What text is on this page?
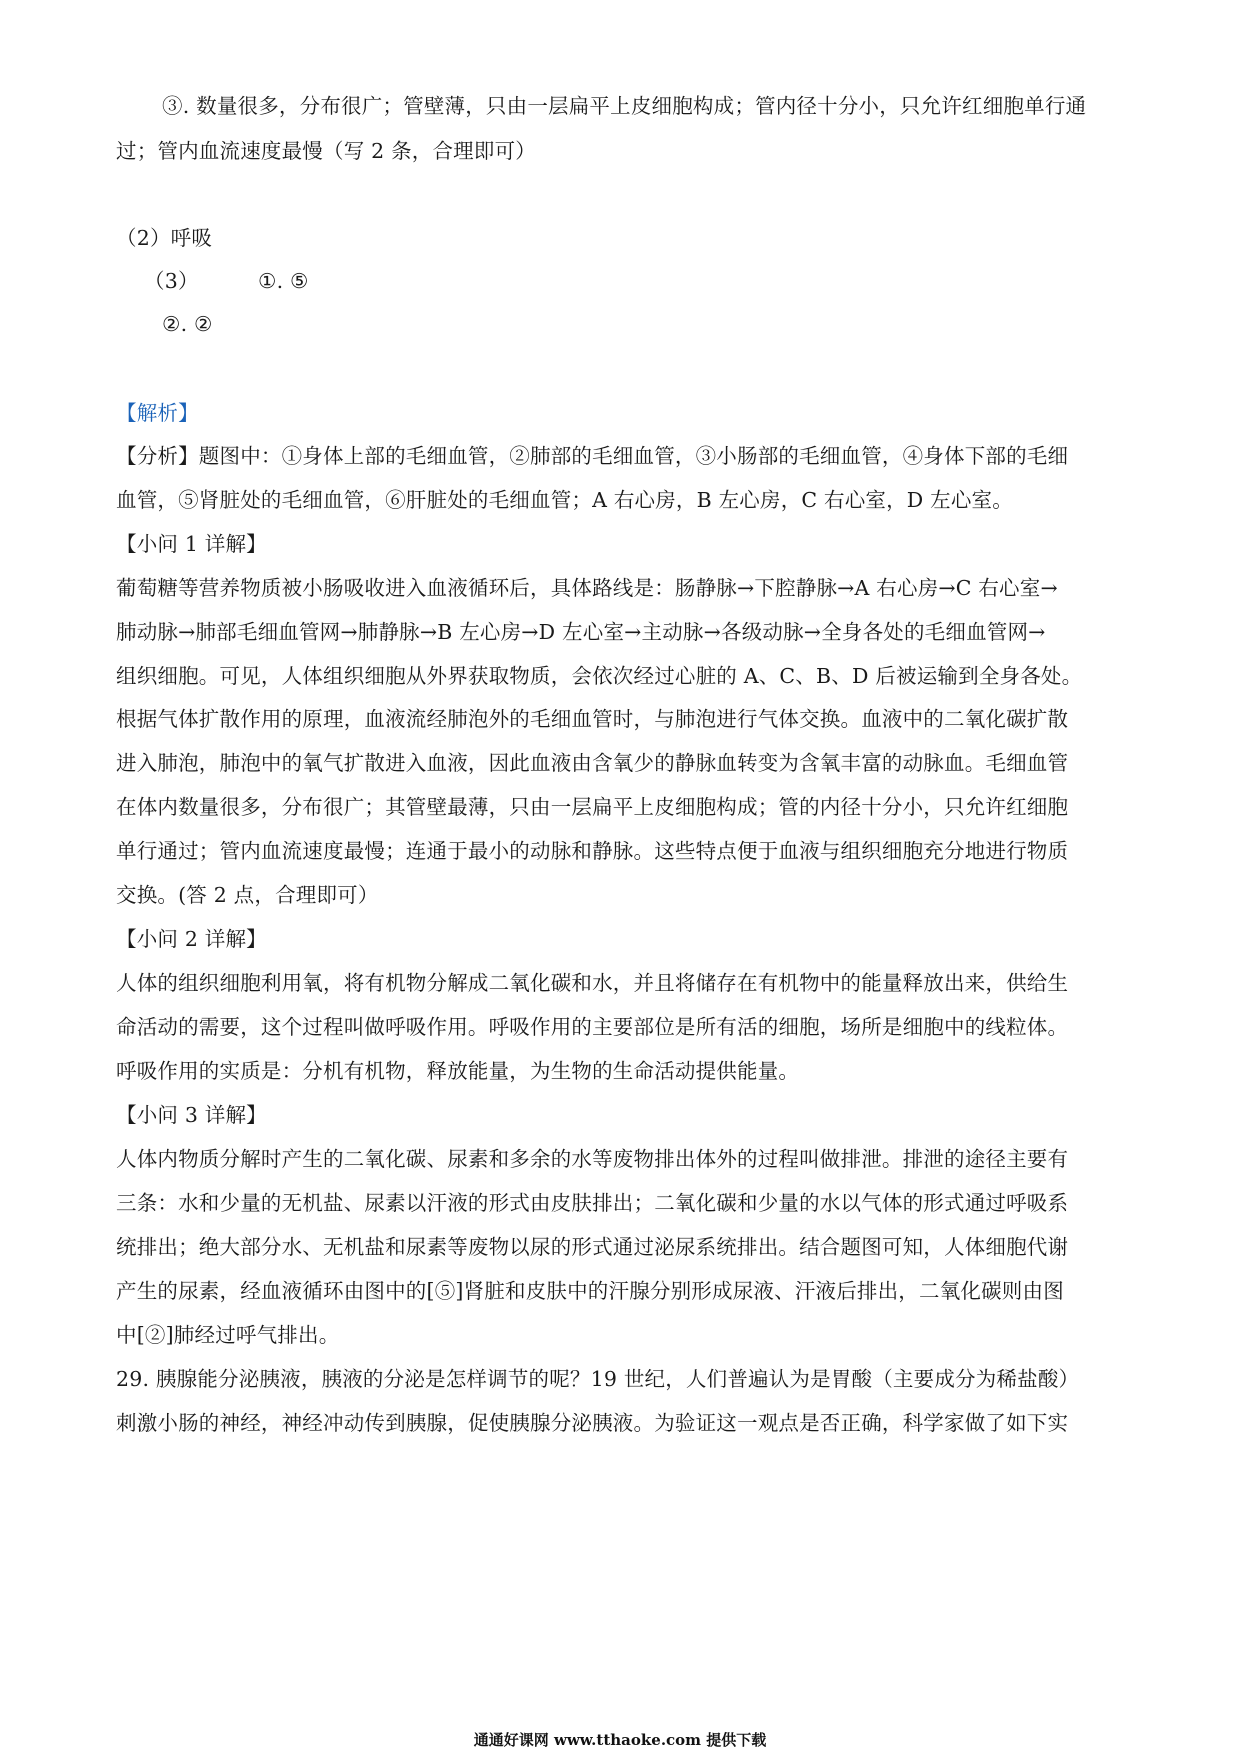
③. 数量很多，分布很广；管壁薄，只由一层扁平上皮细胞构成；管内径十分小，只允许红细胞单行通
过；管内血流速度最慢（写 2 条，合理即可）
（2）呼吸
（3）	①. ⑤
②. ②
【解析】
【分析】题图中：①身体上部的毛细血管，②肺部的毛细血管，③小肠部的毛细血管，④身体下部的毛细
血管，⑤肾脏处的毛细血管，⑥肝脏处的毛细血管；A 右心房，B 左心房，C 右心室，D 左心室。
【小问 1 详解】
葡萄糖等营养物质被小肠吸收进入血液循环后，具体路线是：肠静脉→下腔静脉→A 右心房→C 右心室→
肺动脉→肺部毛细血管网→肺静脉→B 左心房→D 左心室→主动脉→各级动脉→全身各处的毛细血管网→
组织细胞。可见，人体组织细胞从外界获取物质，会依次经过心脏的 A、C、B、D 后被运输到全身各处。
根据气体扩散作用的原理，血液流经肺泡外的毛细血管时，与肺泡进行气体交换。血液中的二氧化碳扩散
进入肺泡，肺泡中的氧气扩散进入血液，因此血液由含氧少的静脉血转变为含氧丰富的动脉血。毛细血管
在体内数量很多，分布很广；其管壁最薄，只由一层扁平上皮细胞构成；管的内径十分小，只允许红细胞
单行通过；管内血流速度最慢；连通于最小的动脉和静脉。这些特点便于血液与组织细胞充分地进行物质
交换。(答 2 点，合理即可）
【小问 2 详解】
人体的组织细胞利用氧，将有机物分解成二氧化碳和水，并且将储存在有机物中的能量释放出来，供给生
命活动的需要，这个过程叫做呼吸作用。呼吸作用的主要部位是所有活的细胞，场所是细胞中的线粒体。
呼吸作用的实质是：分机有机物，释放能量，为生物的生命活动提供能量。
【小问 3 详解】
人体内物质分解时产生的二氧化碳、尿素和多余的水等废物排出体外的过程叫做排泄。排泄的途径主要有
三条：水和少量的无机盐、尿素以汗液的形式由皮肤排出；二氧化碳和少量的水以气体的形式通过呼吸系
统排出；绝大部分水、无机盐和尿素等废物以尿的形式通过泌尿系统排出。结合题图可知，人体细胞代谢
产生的尿素，经血液循环由图中的[⑤]肾脏和皮肤中的汗腺分别形成尿液、汗液后排出，二氧化碳则由图
中[②]肺经过呼气排出。
29. 胰腺能分泌胰液，胰液的分泌是怎样调节的呢？19 世纪，人们普遍认为是胃酸（主要成分为稀盐酸）
刺激小肠的神经，神经冲动传到胰腺，促使胰腺分泌胰液。为验证这一观点是否正确，科学家做了如下实
通通好课网 www.tthaoke.com 提供下载
